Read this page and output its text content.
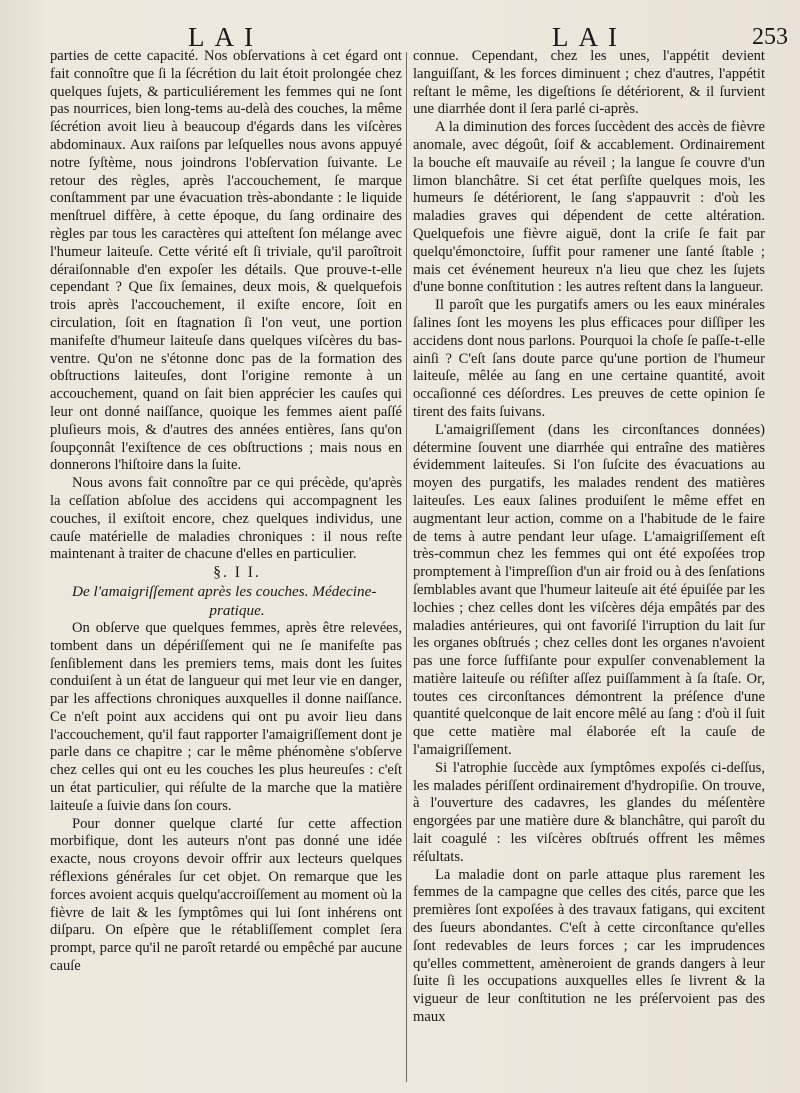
LAI	LAI	253

parties de cette capacité. Nos obſervations à cet égard ont fait connoître que ſi la ſécrétion du lait étoit prolongée chez quelques ſujets, & particuliérement les femmes qui ne ſont pas nourrices, bien long-tems au-delà des couches, la même ſécrétion avoit lieu à beaucoup d'égards dans les viſcères abdominaux. Aux raiſons par leſquelles nous avons appuyé notre ſyſtème, nous joindrons l'obſervation ſuivante. Le retour des règles, après l'accouchement, ſe marque conſtamment par une évacuation très-abondante : le liquide menſtruel diffère, à cette époque, du ſang ordinaire des règles par tous les caractères qui atteſtent ſon mélange avec l'humeur laiteuſe. Cette vérité eſt ſi triviale, qu'il paroîtroit déraiſonnable d'en expoſer les détails. Que prouve-t-elle cependant ? Que ſix ſemaines, deux mois, & quelquefois trois après l'accouchement, il exiſte encore, ſoit en circulation, ſoit en ſtagnation ſi l'on veut, une portion manifeſte d'humeur laiteuſe dans quelques viſcères du bas-ventre. Qu'on ne s'étonne donc pas de la formation des obſtructions laiteuſes, dont l'origine remonte à un accouchement, quand on ſait bien apprécier les cauſes qui leur ont donné naiſſance, quoique les femmes aient paſſé pluſieurs mois, & d'autres des années entières, ſans qu'on ſoupçonnât l'exiſtence de ces obſtructions ; mais nous en donnerons l'hiſtoire dans la ſuite.

Nous avons fait connoître par ce qui précède, qu'après la ceſſation abſolue des accidens qui accompagnent les couches, il exiſtoit encore, chez quelques individus, une cauſe matérielle de maladies chroniques : il nous reſte maintenant à traiter de chacune d'elles en particulier.

§. I I.

De l'amaigriſſement après les couches. Médecine-
pratique.

On obſerve que quelques femmes, après être relevées, tombent dans un dépériſſement qui ne ſe manifeſte pas ſenſiblement dans les premiers tems, mais dont les ſuites conduiſent à un état de langueur qui met leur vie en danger, par les affections chroniques auxquelles il donne naiſſance. Ce n'eſt point aux accidens qui ont pu avoir lieu dans l'accouchement, qu'il faut rapporter l'amaigriſſement dont je parle dans ce chapitre ; car le même phénomène s'obſerve chez celles qui ont eu les couches les plus heureuſes : c'eſt un état particulier, qui réſulte de la marche que la matière laiteuſe a ſuivie dans ſon cours.

Pour donner quelque clarté ſur cette affection morbifique, dont les auteurs n'ont pas donné une idée exacte, nous croyons devoir offrir aux lecteurs quelques réflexions générales ſur cet objet. On remarque que les forces avoient acquis quelqu'accroiſſement au moment où la fièvre de lait & les ſymptômes qui lui ſont inhérens ont diſparu. On eſpère que le rétabliſſement complet ſera prompt, parce qu'il ne paroît retardé ou empêché par aucune cauſe

connue. Cependant, chez les unes, l'appétit devient languiſſant, & les forces diminuent ; chez d'autres, l'appétit reſtant le même, les digeſtions ſe détériorent, & il ſurvient une diarrhée dont il ſera parlé ci-après.

A la diminution des forces ſuccèdent des accès de fièvre anomale, avec dégoût, ſoif & accablement. Ordinairement la bouche eſt mauvaiſe au réveil ; la langue ſe couvre d'un limon blanchâtre. Si cet état perſiſte quelques mois, les humeurs ſe détériorent, le ſang s'appauvrit : d'où les maladies graves qui dépendent de cette altération. Quelquefois une fièvre aiguë, dont la criſe ſe fait par quelqu'émonctoire, ſuffit pour ramener une ſanté ſtable ; mais cet événement heureux n'a lieu que chez les ſujets d'une bonne conſtitution : les autres reſtent dans la langueur.

Il paroît que les purgatifs amers ou les eaux minérales ſalines ſont les moyens les plus efficaces pour diſſiper les accidens dont nous parlons. Pourquoi la choſe ſe paſſe-t-elle ainſi ? C'eſt ſans doute parce qu'une portion de l'humeur laiteuſe, mêlée au ſang en une certaine quantité, avoit occaſionné ces déſordres. Les preuves de cette opinion ſe tirent des faits ſuivans.

L'amaigriſſement (dans les circonſtances données) détermine ſouvent une diarrhée qui entraîne des matières évidemment laiteuſes. Si l'on ſuſcite des évacuations au moyen des purgatifs, les malades rendent des matières laiteuſes. Les eaux ſalines produiſent le même effet en augmentant leur action, comme on a l'habitude de le faire de tems à autre pendant leur uſage. L'amaigriſſement eſt très-commun chez les femmes qui ont été expoſées trop promptement à l'impreſſion d'un air froid ou à des ſenſations ſemblables avant que l'humeur laiteuſe ait été épuiſée par les lochies ; chez celles dont les viſcères déja empâtés par des maladies antérieures, qui ont favoriſé l'irruption du lait ſur les organes obſtrués ; chez celles dont les organes n'avoient pas une force ſuffiſante pour expulſer convenablement la matière laiteuſe ou réſiſter aſſez puiſſamment à ſa ſtaſe. Or, toutes ces circonſtances démontrent la préſence d'une quantité quelconque de lait encore mêlé au ſang : d'où il ſuit que cette matière mal élaborée eſt la cauſe de l'amaigriſſement.

Si l'atrophie ſuccède aux ſymptômes expoſés ci-deſſus, les malades périſſent ordinairement d'hydropiſie. On trouve, à l'ouverture des cadavres, les glandes du méſentère engorgées par une matière dure & blanchâtre, qui paroît du lait coagulé : les viſcères obſtrués offrent les mêmes réſultats.

La maladie dont on parle attaque plus rarement les femmes de la campagne que celles des cités, parce que les premières ſont expoſées à des travaux fatigans, qui excitent des ſueurs abondantes. C'eſt à cette circonſtance qu'elles ſont redevables de leurs forces ; car les imprudences qu'elles commettent, amèneroient de grands dangers à leur ſuite ſi les occupations auxquelles elles ſe livrent & la vigueur de leur conſtitution ne les préſervoient pas des maux
